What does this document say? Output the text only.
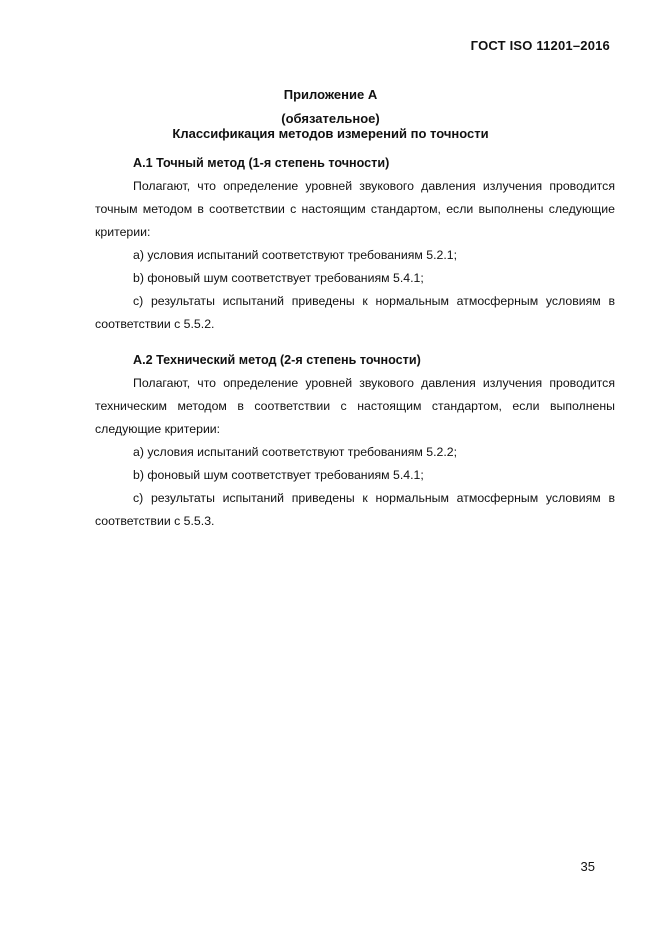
ГОСТ ISO 11201–2016
Приложение А
(обязательное)
Классификация методов измерений по точности
А.1 Точный метод (1-я степень точности)

Полагают, что определение уровней звукового давления излучения проводится точным методом в соответствии с настоящим стандартом, если выполнены следующие критерии:

a) условия испытаний соответствуют требованиям 5.2.1;

b) фоновый шум соответствует требованиям 5.4.1;

c) результаты испытаний приведены к нормальным атмосферным условиям в соответствии с 5.5.2.

А.2 Технический метод (2-я степень точности)

Полагают, что определение уровней звукового давления излучения проводится техническим методом в соответствии с настоящим стандартом, если выполнены следующие критерии:

a) условия испытаний соответствуют требованиям 5.2.2;

b) фоновый шум соответствует требованиям 5.4.1;

c) результаты испытаний приведены к нормальным атмосферным условиям в соответствии с 5.5.3.

35
